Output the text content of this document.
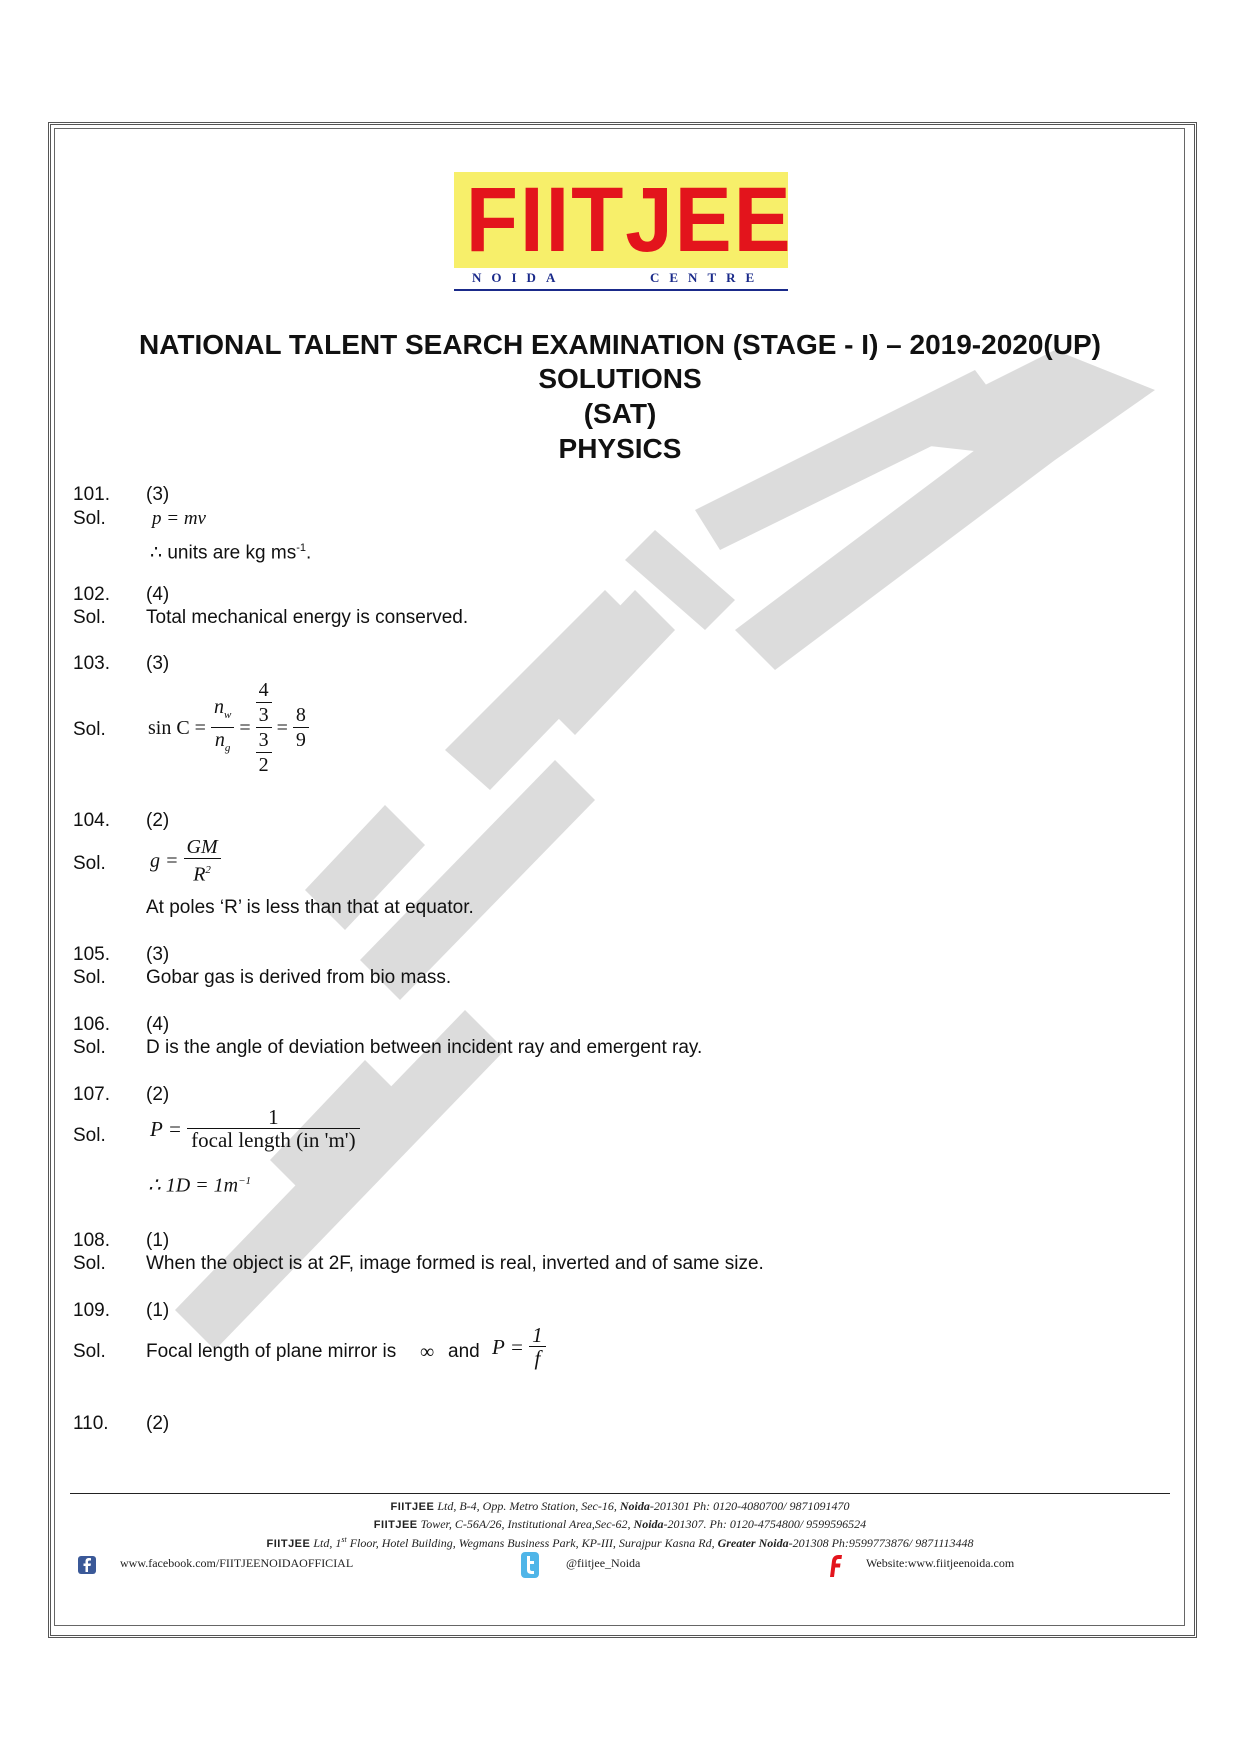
FIITJEE
NOIDA	CENTRE
NATIONAL TALENT SEARCH EXAMINATION (STAGE - I) – 2019-2020(UP)
SOLUTIONS
(SAT)
PHYSICS
101. (3)
Sol. p = mv
∴ units are kg $ms^{-1}$.
102. (4)
Sol. Total mechanical energy is conserved.
103. (3)
Sol. $\sin C = \frac{n_w}{n_g} = \frac{\frac{4}{3}}{\frac{3}{2}} = \frac{8}{9}$
104. (2)
Sol. $g = \frac{GM}{R^2}$
At poles ‘R’ is less than that at equator.
105. (3)
Sol. Gobar gas is derived from bio mass.
106. (4)
Sol. D is the angle of deviation between incident ray and emergent ray.
107. (2)
Sol. $P = \frac{1}{\text{focal length (in 'm')}}$
∴ $1D = 1m^{-1}$
108. (1)
Sol. When the object is at 2F, image formed is real, inverted and of same size.
109. (1)
Sol. Focal length of plane mirror is ∞ and $P = \frac{1}{f}$
110. (2)
FIITJEE Ltd, B-4, Opp. Metro Station, Sec-16, Noida-201301 Ph: 0120-4080700/ 9871091470
FIITJEE Tower, C-56A/26, Institutional Area,Sec-62, Noida-201307. Ph: 0120-4754800/ 9599596524
FIITJEE Ltd, 1st Floor, Hotel Building, Wegmans Business Park, KP-III, Surajpur Kasna Rd, Greater Noida-201308 Ph:9599773876/ 9871113448
www.facebook.com/FIITJEENOIDAOFFICIAL	@fiitjee_Noida	Website:www.fiitjeenoida.com
